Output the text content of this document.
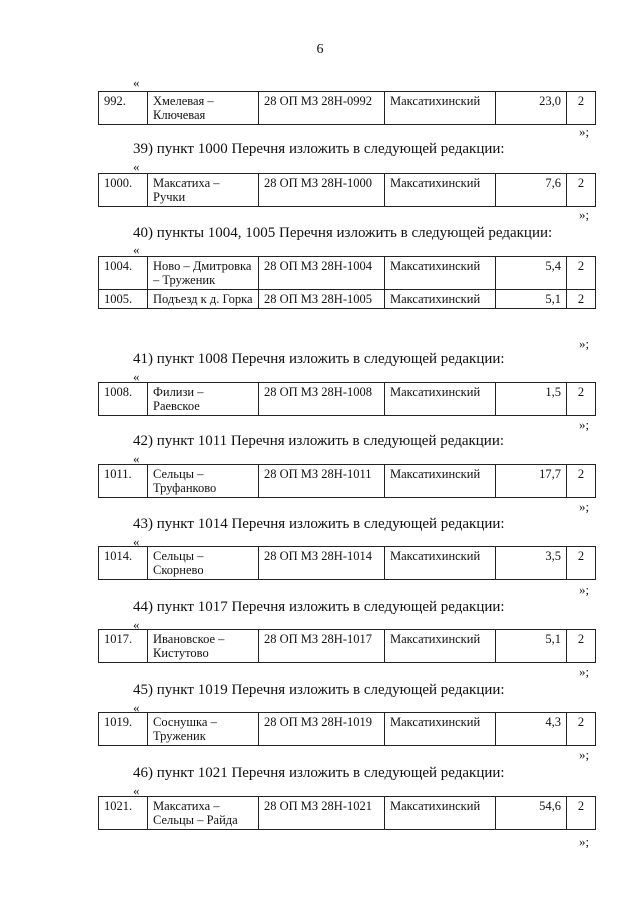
6
«
992.	Хмелевая – Ключевая	28 ОП МЗ 28Н-0992	Максатихинский	23,0	2
»;
39) пункт 1000 Перечня изложить в следующей редакции:
«
1000.	Максатиха – Ручки	28 ОП МЗ 28Н-1000	Максатихинский	7,6	2
»;
40) пункты 1004, 1005 Перечня изложить в следующей редакции:
«
1004.	Ново – Дмитровка – Труженик	28 ОП МЗ 28Н-1004	Максатихинский	5,4	2
1005.	Подъезд к д. Горка	28 ОП МЗ 28Н-1005	Максатихинский	5,1	2
»;
41) пункт 1008 Перечня изложить в следующей редакции:
«
1008.	Филизи – Раевское	28 ОП МЗ 28Н-1008	Максатихинский	1,5	2
»;
42) пункт 1011 Перечня изложить в следующей редакции:
«
1011.	Сельцы – Труфанково	28 ОП МЗ 28Н-1011	Максатихинский	17,7	2
»;
43) пункт 1014 Перечня изложить в следующей редакции:
«
1014.	Сельцы – Скорнево	28 ОП МЗ 28Н-1014	Максатихинский	3,5	2
»;
44) пункт 1017 Перечня изложить в следующей редакции:
«
1017.	Ивановское – Кистутово	28 ОП МЗ 28Н-1017	Максатихинский	5,1	2
»;
45) пункт 1019 Перечня изложить в следующей редакции:
«
1019.	Соснушка – Труженик	28 ОП МЗ 28Н-1019	Максатихинский	4,3	2
»;
46) пункт 1021 Перечня изложить в следующей редакции:
«
1021.	Максатиха – Сельцы – Райда	28 ОП МЗ 28Н-1021	Максатихинский	54,6	2
»;
